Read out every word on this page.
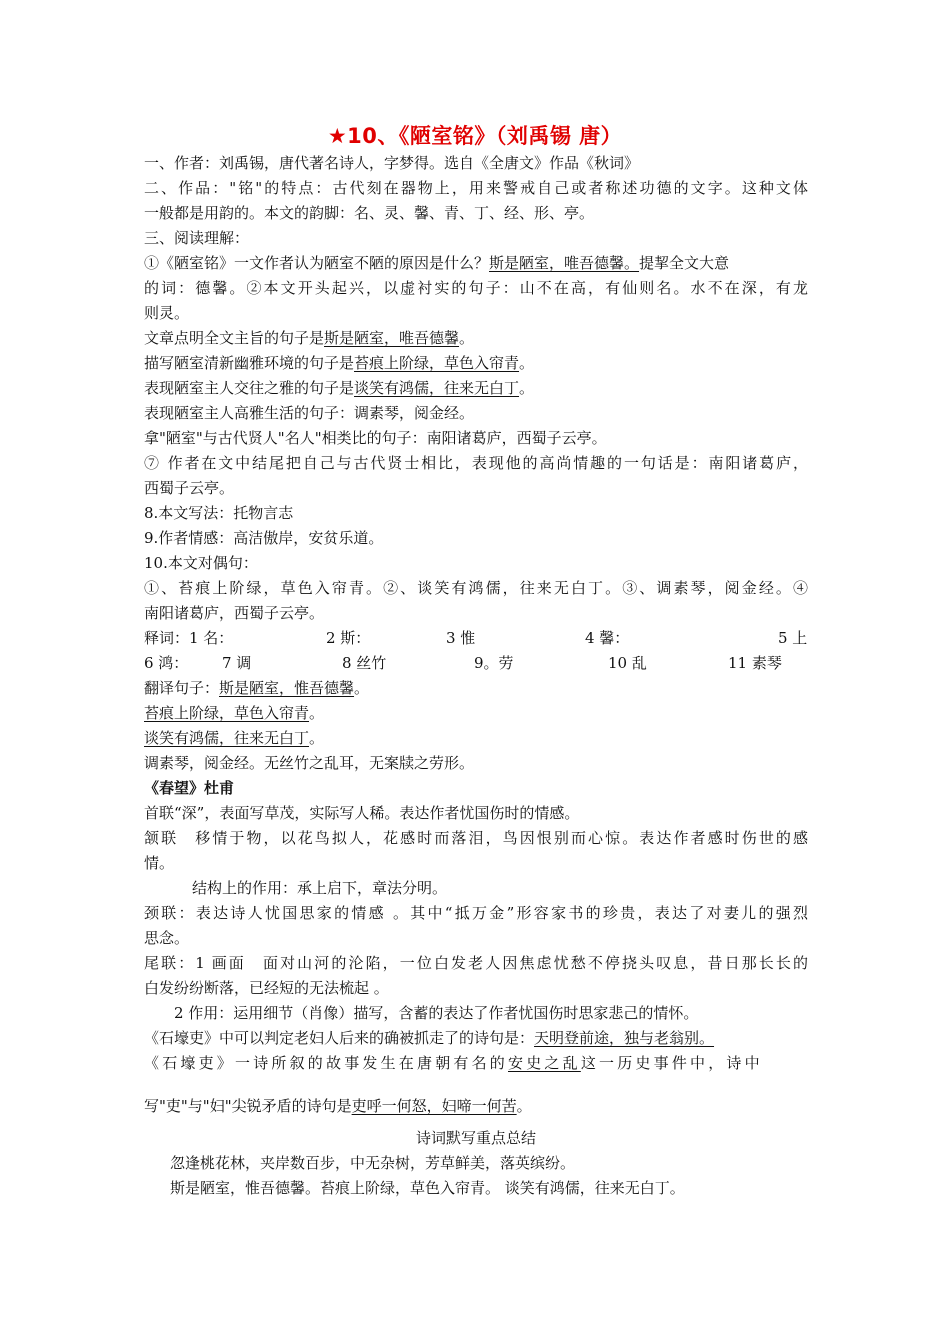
★10、《陋室铭》（刘禹锡 唐）
一、作者：刘禹锡，唐代著名诗人，字梦得。选自《全唐文》作品《秋词》
二、作品："铭"的特点：古代刻在器物上，用来警戒自己或者称述功德的文字。这种文体
一般都是用韵的。本文的韵脚：名、灵、馨、青、丁、经、形、亭。
三、阅读理解：
①《陋室铭》一文作者认为陋室不陋的原因是什么？斯是陋室，唯吾德馨。提挈全文大意
的词：德馨。②本文开头起兴，以虚衬实的句子：山不在高，有仙则名。水不在深，有龙
则灵。
文章点明全文主旨的句子是斯是陋室，唯吾德馨。
描写陋室清新幽雅环境的句子是苔痕上阶绿，草色入帘青。
表现陋室主人交往之雅的句子是谈笑有鸿儒，往来无白丁。
表现陋室主人高雅生活的句子：调素琴，阅金经。
拿"陋室"与古代贤人"名人"相类比的句子：南阳诸葛庐，西蜀子云亭。
⑦ 作者在文中结尾把自己与古代贤士相比，表现他的高尚情趣的一句话是：南阳诸葛庐，
西蜀子云亭。
8.本文写法：托物言志
9.作者情感：高洁傲岸，安贫乐道。
10.本文对偶句：
①、苔痕上阶绿，草色入帘青。②、谈笑有鸿儒，往来无白丁。③、调素琴，阅金经。④
南阳诸葛庐，西蜀子云亭。
释词：1 名：	2 斯：	3 惟	4 馨：	5 上
6 鸿： 7 调	8 丝竹	9。劳	10 乱	11 素琴
翻译句子：斯是陋室，惟吾德馨。
苔痕上阶绿，草色入帘青。
谈笑有鸿儒，往来无白丁。
调素琴，阅金经。无丝竹之乱耳，无案牍之劳形。
《春望》杜甫
首联“深”，表面写草茂，实际写人稀。表达作者忧国伤时的情感。
颔联　移情于物，以花鸟拟人，花感时而落泪，鸟因恨别而心惊。表达作者感时伤世的感
情。
结构上的作用：承上启下，章法分明。
颈联：表达诗人忧国思家的情感 。其中“抵万金”形容家书的珍贵，表达了对妻儿的强烈
思念。
尾联：1 画面　面对山河的沦陷，一位白发老人因焦虑忧愁不停挠头叹息，昔日那长长的
白发纷纷断落，已经短的无法梳起 。
2 作用：运用细节（肖像）描写，含蓄的表达了作者忧国伤时思家悲己的情怀。
《石壕吏》中可以判定老妇人后来的确被抓走了的诗句是：天明登前途，独与老翁别。
《石壕吏》一诗所叙的故事发生在唐朝有名的安史之乱这一历史事件中，诗中
写"吏"与"妇"尖锐矛盾的诗句是吏呼一何怒，妇啼一何苦。
诗词默写重点总结
忽逢桃花林，夹岸数百步，中无杂树，芳草鲜美，落英缤纷。
斯是陋室，惟吾德馨。苔痕上阶绿，草色入帘青。 谈笑有鸿儒，往来无白丁。
